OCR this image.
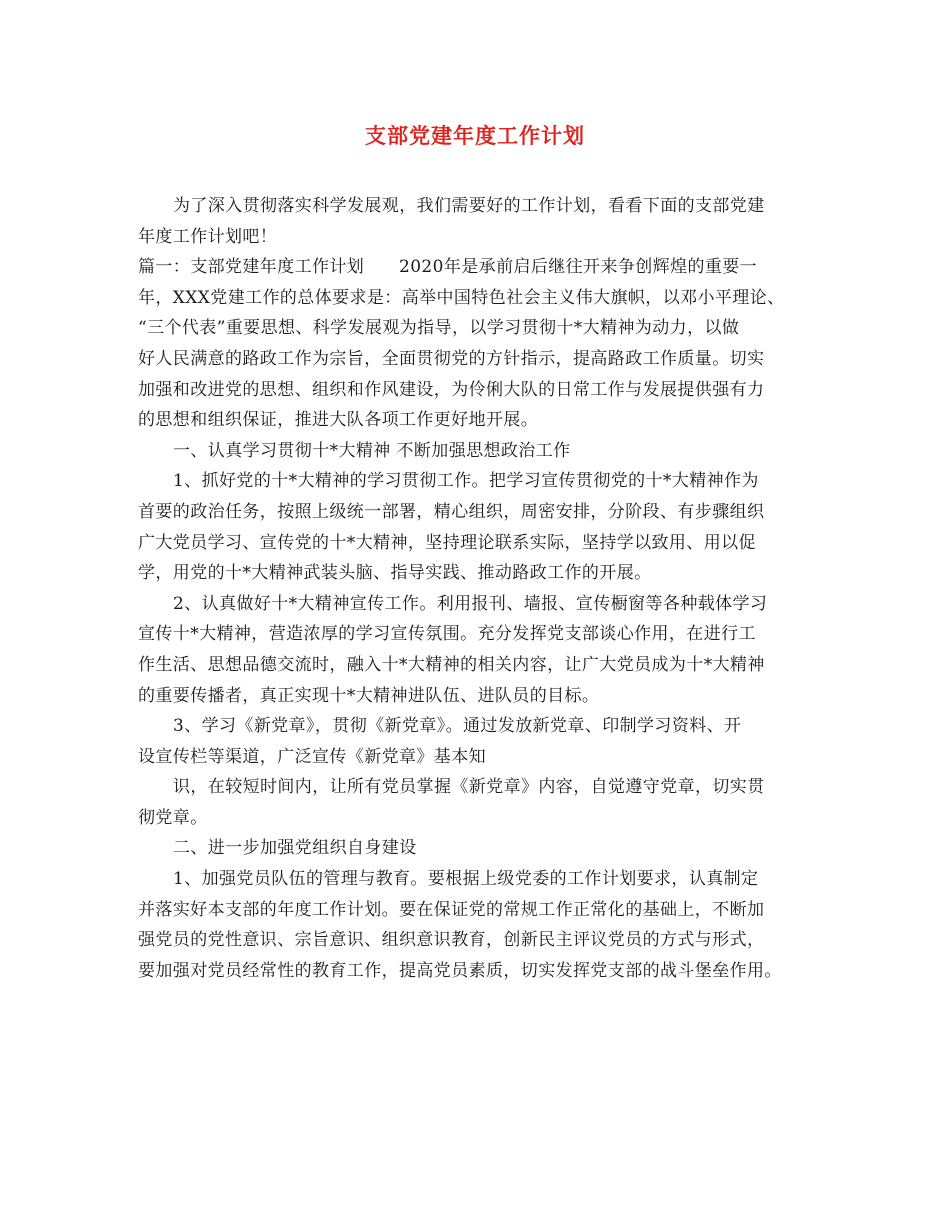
支部党建年度工作计划
为了深入贯彻落实科学发展观，我们需要好的工作计划，看看下面的支部党建
年度工作计划吧！
篇一：支部党建年度工作计划　　2020年是承前启后继往开来争创辉煌的重要一
年，XXX党建工作的总体要求是：高举中国特色社会主义伟大旗帜，以邓小平理论、
“三个代表”重要思想、科学发展观为指导，以学习贯彻十*大精神为动力，以做
好人民满意的路政工作为宗旨，全面贯彻党的方针指示，提高路政工作质量。切实
加强和改进党的思想、组织和作风建设，为伶俐大队的日常工作与发展提供强有力
的思想和组织保证，推进大队各项工作更好地开展。
一、认真学习贯彻十*大精神 不断加强思想政治工作
1、抓好党的十*大精神的学习贯彻工作。把学习宣传贯彻党的十*大精神作为
首要的政治任务，按照上级统一部署，精心组织，周密安排，分阶段、有步骤组织
广大党员学习、宣传党的十*大精神，坚持理论联系实际，坚持学以致用、用以促
学，用党的十*大精神武装头脑、指导实践、推动路政工作的开展。
2、认真做好十*大精神宣传工作。利用报刊、墙报、宣传橱窗等各种载体学习
宣传十*大精神，营造浓厚的学习宣传氛围。充分发挥党支部谈心作用，在进行工
作生活、思想品德交流时，融入十*大精神的相关内容，让广大党员成为十*大精神
的重要传播者，真正实现十*大精神进队伍、进队员的目标。
3、学习《新党章》，贯彻《新党章》。通过发放新党章、印制学习资料、开
设宣传栏等渠道，广泛宣传《新党章》基本知
识，在较短时间内，让所有党员掌握《新党章》内容，自觉遵守党章，切实贯
彻党章。
二、进一步加强党组织自身建设
1、加强党员队伍的管理与教育。要根据上级党委的工作计划要求，认真制定
并落实好本支部的年度工作计划。要在保证党的常规工作正常化的基础上，不断加
强党员的党性意识、宗旨意识、组织意识教育，创新民主评议党员的方式与形式，
要加强对党员经常性的教育工作，提高党员素质，切实发挥党支部的战斗堡垒作用。
